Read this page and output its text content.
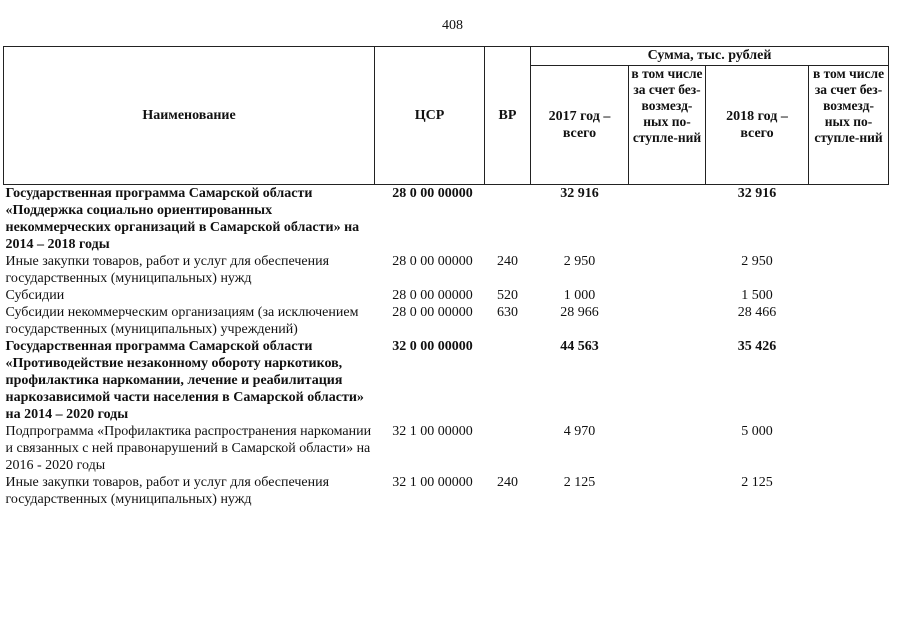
408
Наименование	ЦСР	ВР	Сумма, тыс. рублей			
			2017 год – всего	в том числе за счет без-возмезд-ных по-ступле-ний	2018 год – всего	в том числе за счет без-возмезд-ных по-ступле-ний
Государственная программа Самарской области «Поддержка социально ориентированных некоммерческих организаций в Самарской области» на 2014 – 2018 годы	28 0 00 00000		32 916		32 916	
Иные закупки товаров, работ и услуг для обеспечения государственных (муниципальных) нужд	28 0 00 00000	240	2 950		2 950	
Субсидии	28 0 00 00000	520	1 000		1 500	
Субсидии некоммерческим организациям (за исключением государственных (муниципальных) учреждений)	28 0 00 00000	630	28 966		28 466	
Государственная программа Самарской области «Противодействие незаконному обороту наркотиков, профилактика наркомании, лечение и реабилитация наркозависимой части населения в Самарской области» на 2014 – 2020 годы	32 0 00 00000		44 563		35 426	
Подпрограмма «Профилактика распространения наркомании и связанных с ней правонарушений в Самарской области» на 2016 - 2020 годы	32 1 00 00000		4 970		5 000	
Иные закупки товаров, работ и услуг для обеспечения государственных (муниципальных) нужд	32 1 00 00000	240	2 125		2 125	
